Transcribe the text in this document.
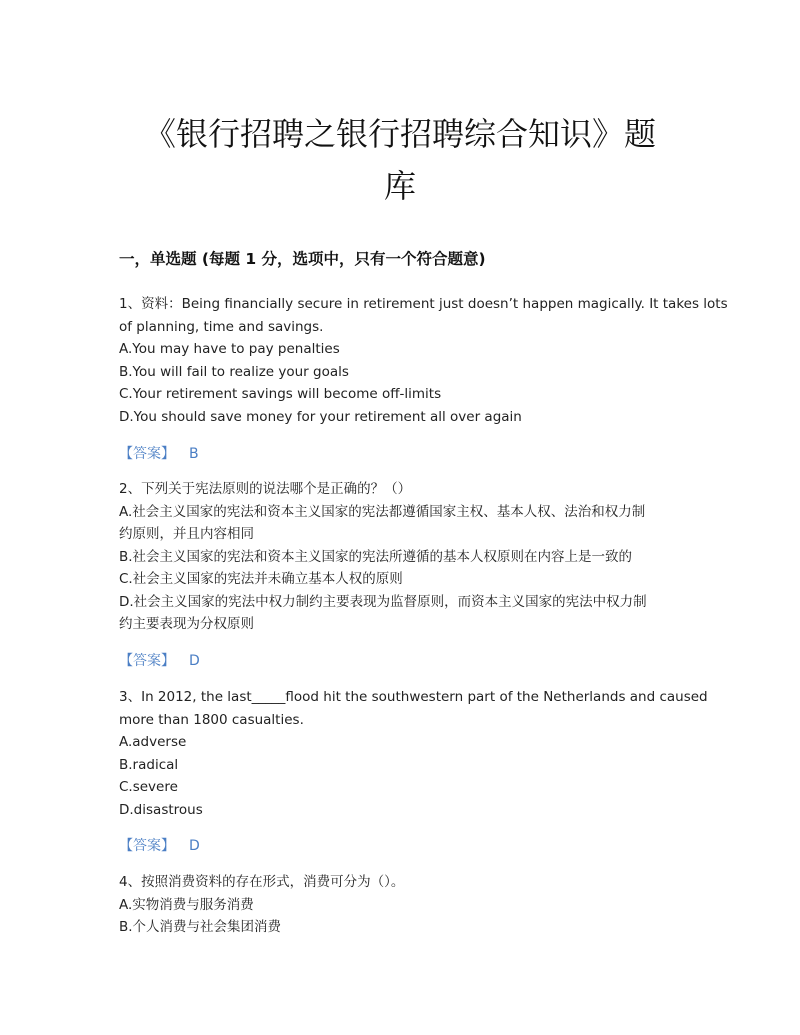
《银行招聘之银行招聘综合知识》题
库
一，单选题 (每题 1 分，选项中，只有一个符合题意)
1、资料：Being financially secure in retirement just doesn’t happen magically. It takes lots
of planning, time and savings.
A.You may have to pay penalties
B.You will fail to realize your goals
C.Your retirement savings will become off-limits
D.You should save money for your retirement all over again
【答案】 B
2、下列关于宪法原则的说法哪个是正确的？（）
A.社会主义国家的宪法和资本主义国家的宪法都遵循国家主权、基本人权、法治和权力制
约原则，并且内容相同
B.社会主义国家的宪法和资本主义国家的宪法所遵循的基本人权原则在内容上是一致的
C.社会主义国家的宪法并未确立基本人权的原则
D.社会主义国家的宪法中权力制约主要表现为监督原则，而资本主义国家的宪法中权力制
约主要表现为分权原则
【答案】 D
3、In 2012, the last_____flood hit the southwestern part of the Netherlands and caused
more than 1800 casualties.
A.adverse
B.radical
C.severe
D.disastrous
【答案】 D
4、按照消费资料的存在形式，消费可分为（）。
A.实物消费与服务消费
B.个人消费与社会集团消费
